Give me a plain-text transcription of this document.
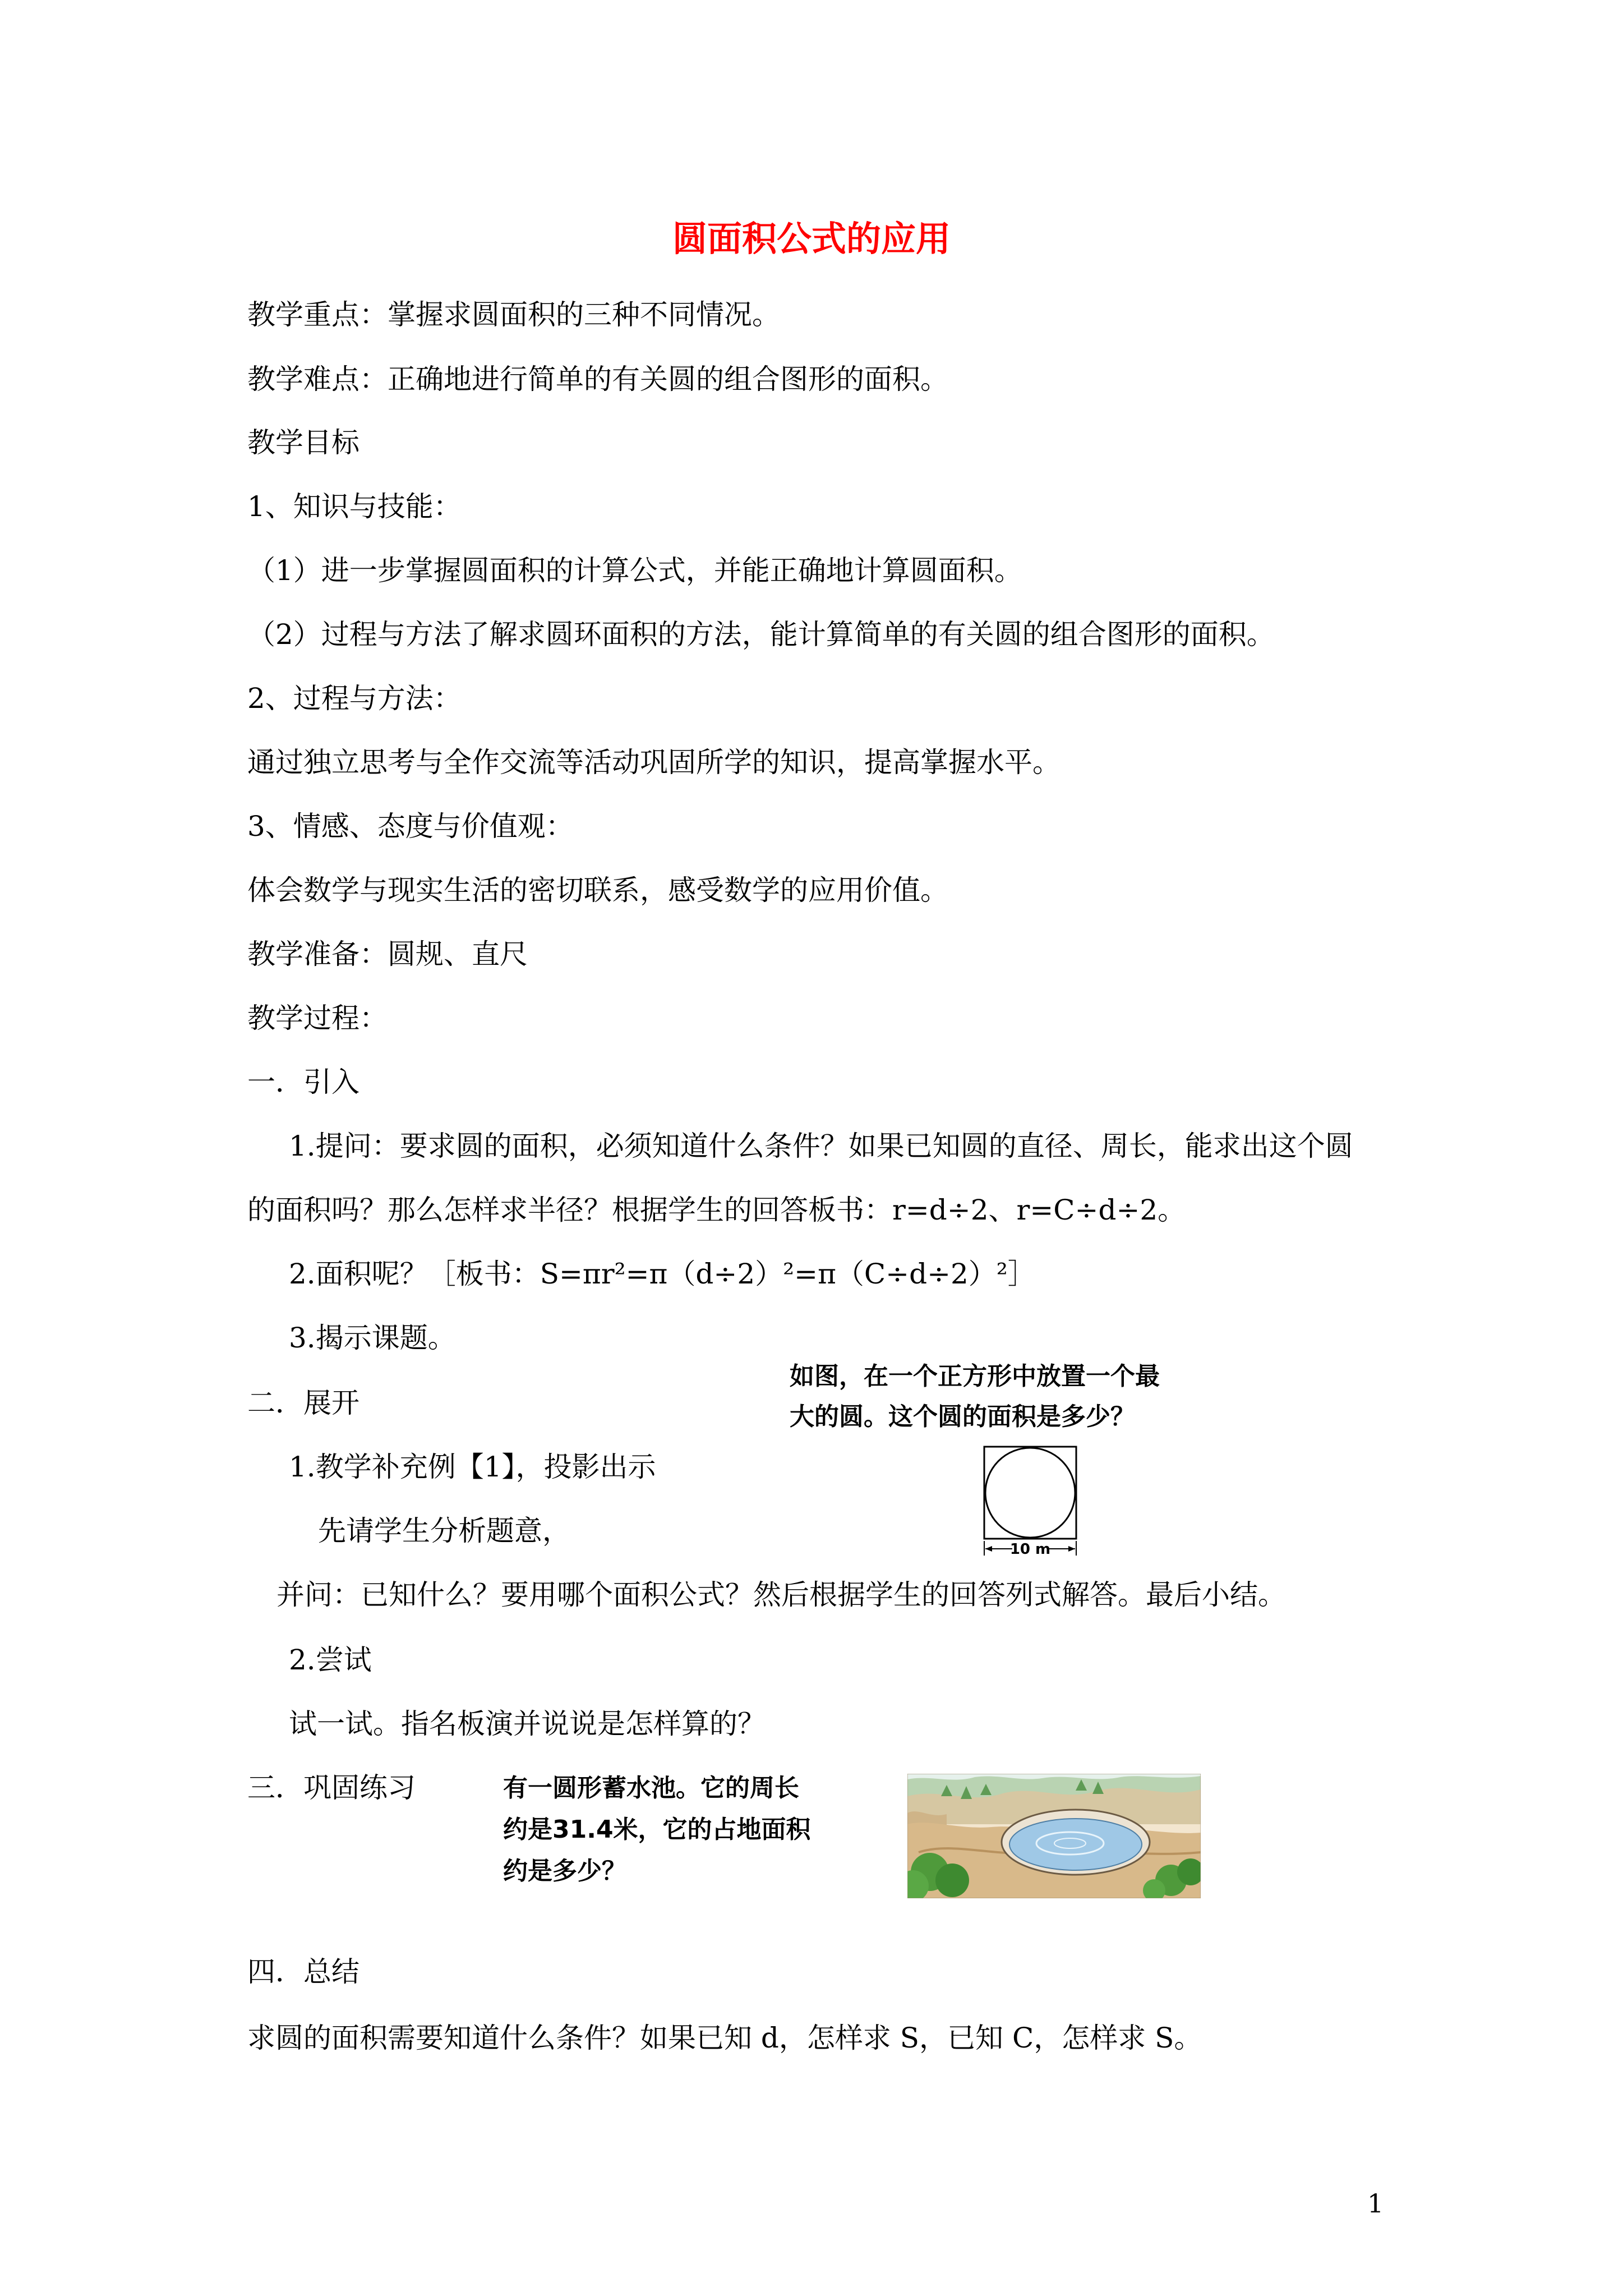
圆面积公式的应用
教学重点：掌握求圆面积的三种不同情况。
教学难点：正确地进行简单的有关圆的组合图形的面积。
教学目标
1、知识与技能：
（1）进一步掌握圆面积的计算公式，并能正确地计算圆面积。
（2）过程与方法了解求圆环面积的方法，能计算简单的有关圆的组合图形的面积。
2、过程与方法：
通过独立思考与全作交流等活动巩固所学的知识，提高掌握水平。
3、情感、态度与价值观：
体会数学与现实生活的密切联系，感受数学的应用价值。
教学准备：圆规、直尺
教学过程：
一．引入
1.提问：要求圆的面积，必须知道什么条件？如果已知圆的直径、周长，能求出这个圆
的面积吗？那么怎样求半径？根据学生的回答板书：r=d÷2、r=C÷d÷2。
2.面积呢？［板书：S=πr²=π（d÷2）²=π（C÷d÷2）²］
3.揭示课题。
二．展开
1.教学补充例【1】，投影出示
先请学生分析题意，
并问：已知什么？要用哪个面积公式？然后根据学生的回答列式解答。最后小结。
2.尝试
试一试。指名板演并说说是怎样算的？
三．巩固练习
四．总结
求圆的面积需要知道什么条件？如果已知 d，怎样求 S，已知 C，怎样求 S。
如图，在一个正方形中放置一个最
大的圆。这个圆的面积是多少？
10 m
有一圆形蓄水池。它的周长
约是31.4米，它的占地面积
约是多少？
1
